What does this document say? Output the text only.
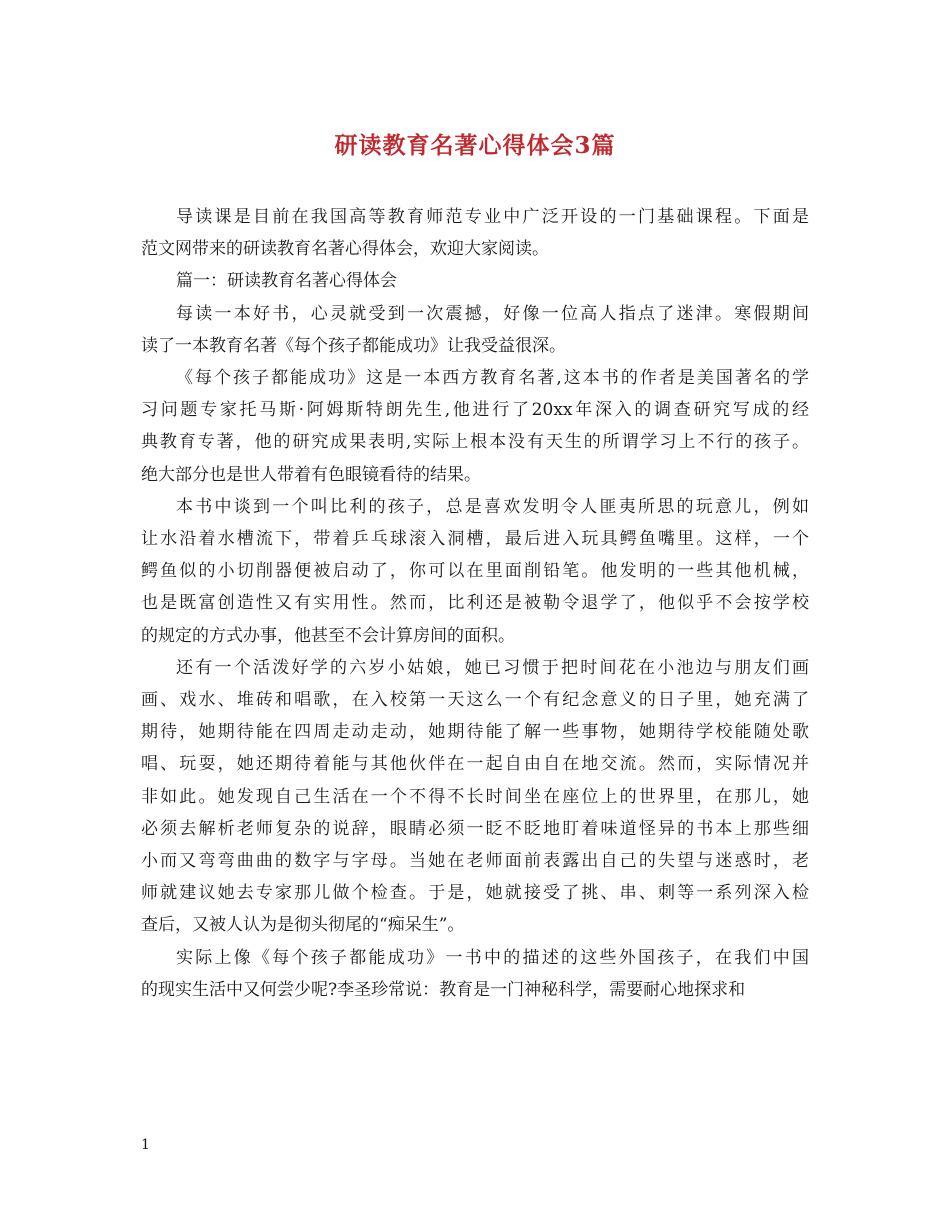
研读教育名著心得体会3篇
导读课是目前在我国高等教育师范专业中广泛开设的一门基础课程。下面是
范文网带来的研读教育名著心得体会，欢迎大家阅读。
篇一：研读教育名著心得体会
每读一本好书，心灵就受到一次震撼，好像一位高人指点了迷津。寒假期间
读了一本教育名著《每个孩子都能成功》让我受益很深。
《每个孩子都能成功》这是一本西方教育名著,这本书的作者是美国著名的学
习问题专家托马斯·阿姆斯特朗先生,他进行了20xx年深入的调查研究写成的经
典教育专著，他的研究成果表明,实际上根本没有天生的所谓学习上不行的孩子。
绝大部分也是世人带着有色眼镜看待的结果。
本书中谈到一个叫比利的孩子，总是喜欢发明令人匪夷所思的玩意儿，例如
让水沿着水槽流下，带着乒乓球滚入洞槽，最后进入玩具鳄鱼嘴里。这样，一个
鳄鱼似的小切削器便被启动了，你可以在里面削铅笔。他发明的一些其他机械，
也是既富创造性又有实用性。然而，比利还是被勒令退学了，他似乎不会按学校
的规定的方式办事，他甚至不会计算房间的面积。
还有一个活泼好学的六岁小姑娘，她已习惯于把时间花在小池边与朋友们画
画、戏水、堆砖和唱歌，在入校第一天这么一个有纪念意义的日子里，她充满了
期待，她期待能在四周走动走动，她期待能了解一些事物，她期待学校能随处歌
唱、玩耍，她还期待着能与其他伙伴在一起自由自在地交流。然而，实际情况并
非如此。她发现自己生活在一个不得不长时间坐在座位上的世界里，在那儿，她
必须去解析老师复杂的说辞，眼睛必须一眨不眨地盯着味道怪异的书本上那些细
小而又弯弯曲曲的数字与字母。当她在老师面前表露出自己的失望与迷惑时，老
师就建议她去专家那儿做个检查。于是，她就接受了挑、串、刺等一系列深入检
查后，又被人认为是彻头彻尾的“痴呆生”。
实际上像《每个孩子都能成功》一书中的描述的这些外国孩子，在我们中国
的现实生活中又何尝少呢?李圣珍常说：教育是一门神秘科学，需要耐心地探求和
1
